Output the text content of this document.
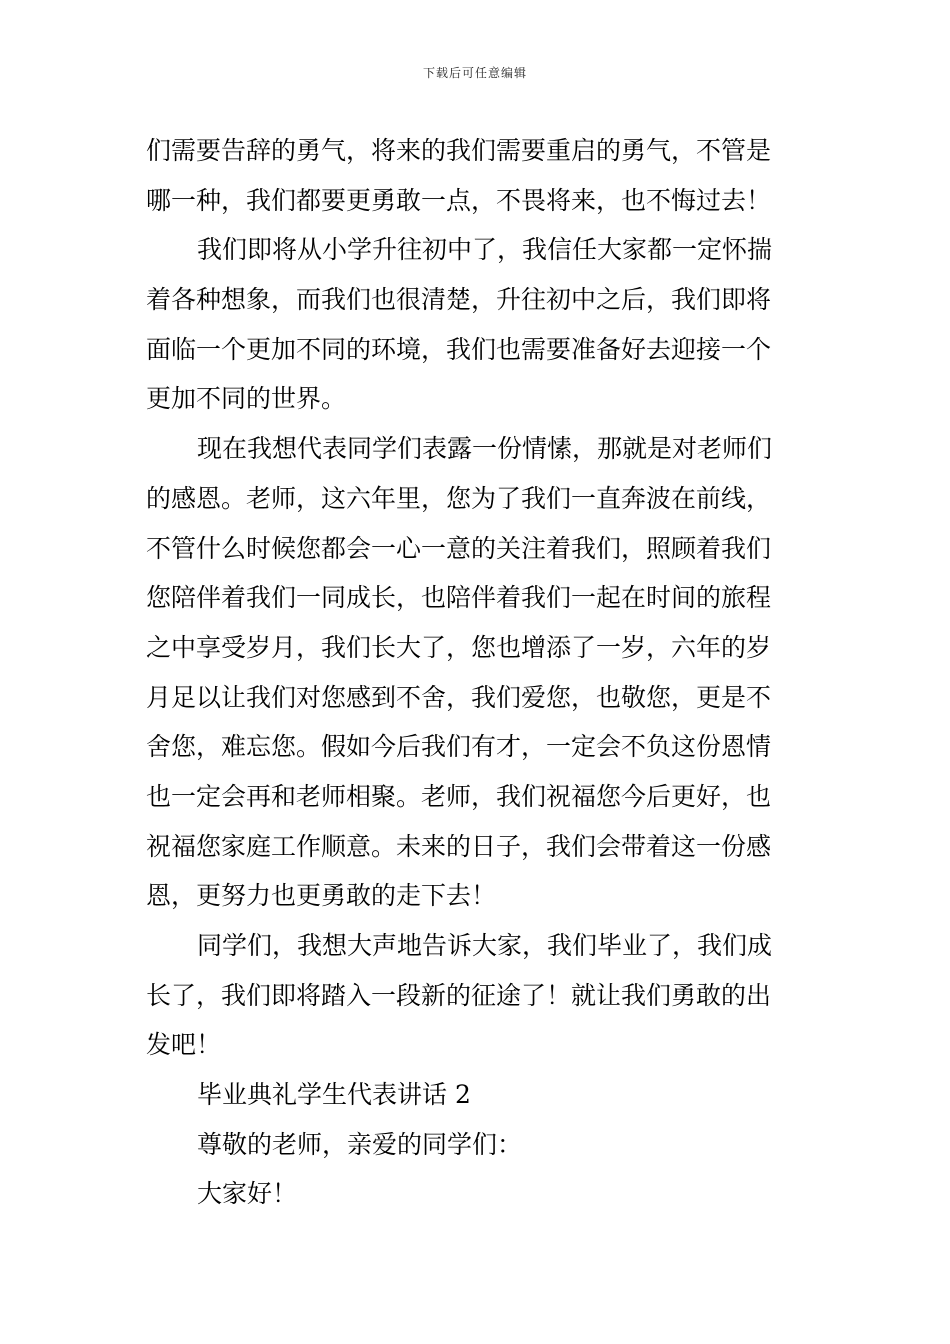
下载后可任意编辑
们需要告辞的勇气，将来的我们需要重启的勇气，不管是
哪一种，我们都要更勇敢一点，不畏将来，也不悔过去！
我们即将从小学升往初中了，我信任大家都一定怀揣
着各种想象，而我们也很清楚，升往初中之后，我们即将
面临一个更加不同的环境，我们也需要准备好去迎接一个
更加不同的世界。
现在我想代表同学们表露一份情愫，那就是对老师们
的感恩。老师，这六年里，您为了我们一直奔波在前线，
不管什么时候您都会一心一意的关注着我们，照顾着我们
您陪伴着我们一同成长，也陪伴着我们一起在时间的旅程
之中享受岁月，我们长大了，您也增添了一岁，六年的岁
月足以让我们对您感到不舍，我们爱您，也敬您，更是不
舍您，难忘您。假如今后我们有才，一定会不负这份恩情
也一定会再和老师相聚。老师，我们祝福您今后更好，也
祝福您家庭工作顺意。未来的日子，我们会带着这一份感
恩，更努力也更勇敢的走下去！
同学们，我想大声地告诉大家，我们毕业了，我们成
长了，我们即将踏入一段新的征途了！就让我们勇敢的出
发吧！
毕业典礼学生代表讲话 2
尊敬的老师，亲爱的同学们：
大家好！
